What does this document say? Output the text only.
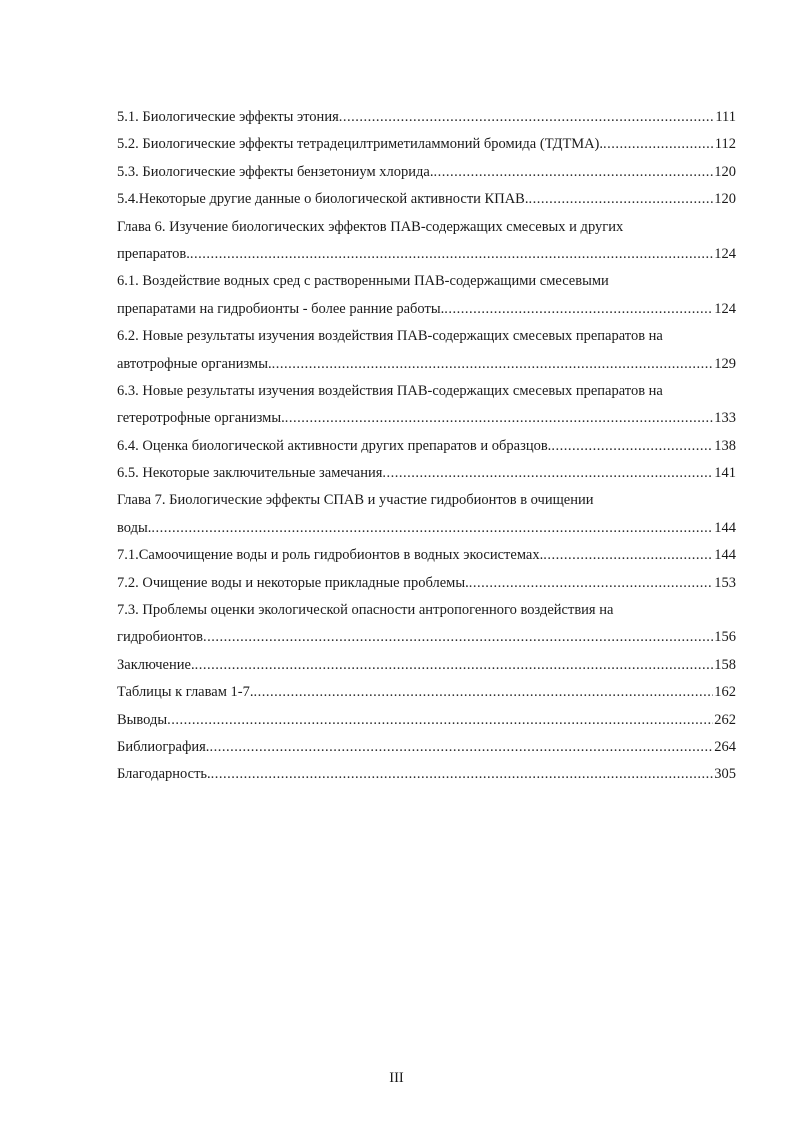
5.1. Биологические эффекты этония .....	111
5.2. Биологические эффекты тетрадецилтриметиламмоний бромида (ТДТМА). .....	112
5.3. Биологические эффекты бензетониум хлорида. .....	120
5.4.Некоторые другие данные о биологической активности КПАВ. .....	120
Глава 6. Изучение биологических эффектов ПАВ-содержащих смесевых и других
препаратов. .....	124
6.1. Воздействие водных сред с растворенными ПАВ-содержащими смесевыми
препаратами на гидробионты - более ранние работы. .....	124
6.2. Новые результаты изучения воздействия ПАВ-содержащих смесевых препаратов на
автотрофные организмы. .....	129
6.3. Новые результаты изучения воздействия ПАВ-содержащих смесевых препаратов на
гетеротрофные организмы. .....	133
6.4. Оценка биологической активности других препаратов и образцов. .....	138
6.5. Некоторые заключительные замечания .....	141
Глава 7. Биологические эффекты СПАВ и участие гидробионтов в очищении
воды. .....	144
7.1.Самоочищение воды и роль гидробионтов в водных экосистемах. .....	144
7.2. Очищение воды и некоторые прикладные проблемы. .....	153
7.3. Проблемы оценки экологической опасности антропогенного воздействия на
гидробионтов .....	156
Заключение. .....	158
Таблицы к главам 1-7. .....	162
Выводы .....	262
Библиография. .....	264
Благодарность. .....	305
III
